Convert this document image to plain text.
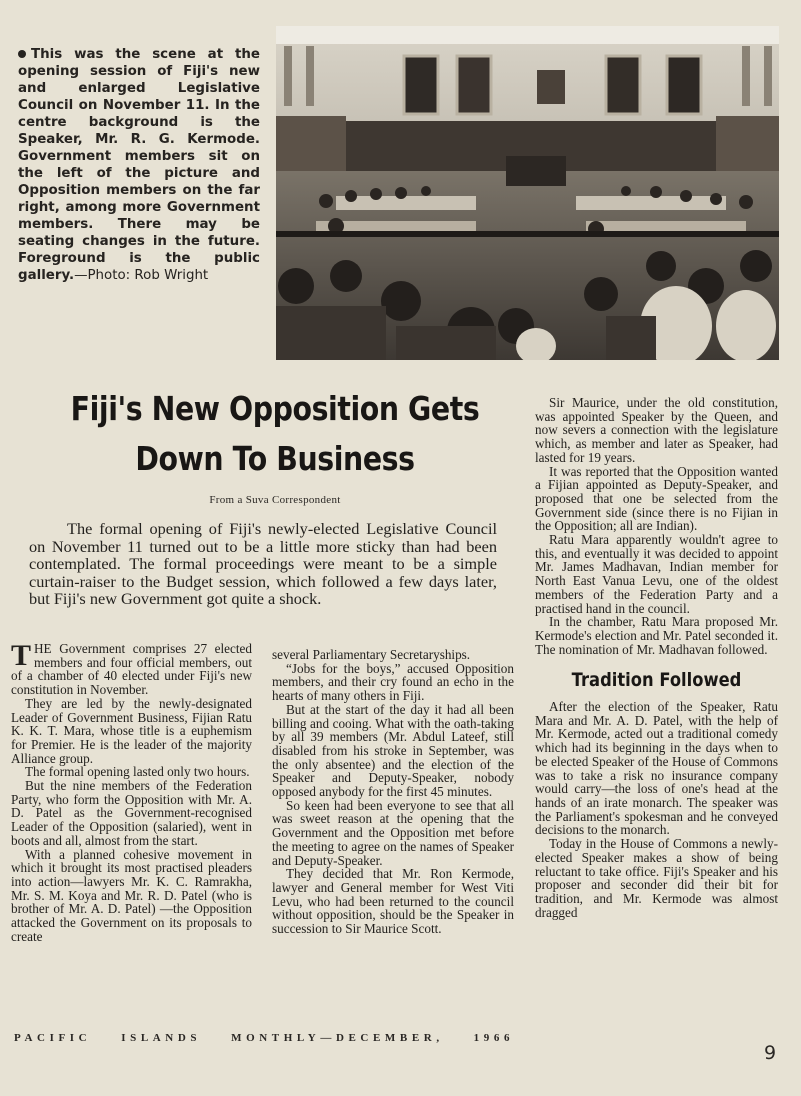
This was the scene at the opening session of Fiji's new and enlarged Legislative Council on November 11. In the centre background is the Speaker, Mr. R. G. Kermode. Government members sit on the left of the picture and Opposition members on the far right, among more Government members. There may be seating changes in the future. Foreground is the public gallery.—Photo: Rob Wright
Fiji's New Opposition Gets
Down To Business
From a Suva Correspondent

The formal opening of Fiji's newly-elected Legislative Council on November 11 turned out to be a little more sticky than had been contemplated. The formal proceedings were meant to be a simple curtain-raiser to the Budget session, which followed a few days later, but Fiji's new Government got quite a shock.

THE Government comprises 27 elected members and four official members, out of a chamber of 40 elected under Fiji's new constitution in November.

They are led by the newly-designated Leader of Government Business, Fijian Ratu K. K. T. Mara, whose title is a euphemism for Premier. He is the leader of the majority Alliance group.

The formal opening lasted only two hours.

But the nine members of the Federation Party, who form the Opposition with Mr. A. D. Patel as the Government-recognised Leader of the Opposition (salaried), went in boots and all, almost from the start.

With a planned cohesive movement in which it brought its most practised pleaders into action—lawyers Mr. K. C. Ramrakha, Mr. S. M. Koya and Mr. R. D. Patel (who is brother of Mr. A. D. Patel) —the Opposition attacked the Government on its proposals to create

several Parliamentary Secretaryships.

“Jobs for the boys,” accused Opposition members, and their cry found an echo in the hearts of many others in Fiji.

But at the start of the day it had all been billing and cooing. What with the oath-taking by all 39 members (Mr. Abdul Lateef, still disabled from his stroke in September, was the only absentee) and the election of the Speaker and Deputy-Speaker, nobody opposed anybody for the first 45 minutes.

So keen had been everyone to see that all was sweet reason at the opening that the Government and the Opposition met before the meeting to agree on the names of Speaker and Deputy-Speaker.

They decided that Mr. Ron Kermode, lawyer and General member for West Viti Levu, who had been returned to the council without opposition, should be the Speaker in succession to Sir Maurice Scott.

Sir Maurice, under the old constitution, was appointed Speaker by the Queen, and now severs a connection with the legislature which, as member and later as Speaker, had lasted for 19 years.

It was reported that the Opposition wanted a Fijian appointed as Deputy-Speaker, and proposed that one be selected from the Government side (since there is no Fijian in the Opposition; all are Indian).

Ratu Mara apparently wouldn't agree to this, and eventually it was decided to appoint Mr. James Madhavan, Indian member for North East Vanua Levu, one of the oldest members of the Federation Party and a practised hand in the council.

In the chamber, Ratu Mara proposed Mr. Kermode's election and Mr. Patel seconded it. The nomination of Mr. Madhavan followed.

Tradition Followed

After the election of the Speaker, Ratu Mara and Mr. A. D. Patel, with the help of Mr. Kermode, acted out a traditional comedy which had its beginning in the days when to be elected Speaker of the House of Commons was to take a risk no insurance company would carry—the loss of one's head at the hands of an irate monarch. The speaker was the Parliament's spokesman and he conveyed decisions to the monarch.

Today in the House of Commons a newly-elected Speaker makes a show of being reluctant to take office. Fiji's Speaker and his proposer and seconder did their bit for tradition, and Mr. Kermode was almost dragged

PACIFIC	ISLANDS	MONTHLY—DECEMBER,	1966
9
